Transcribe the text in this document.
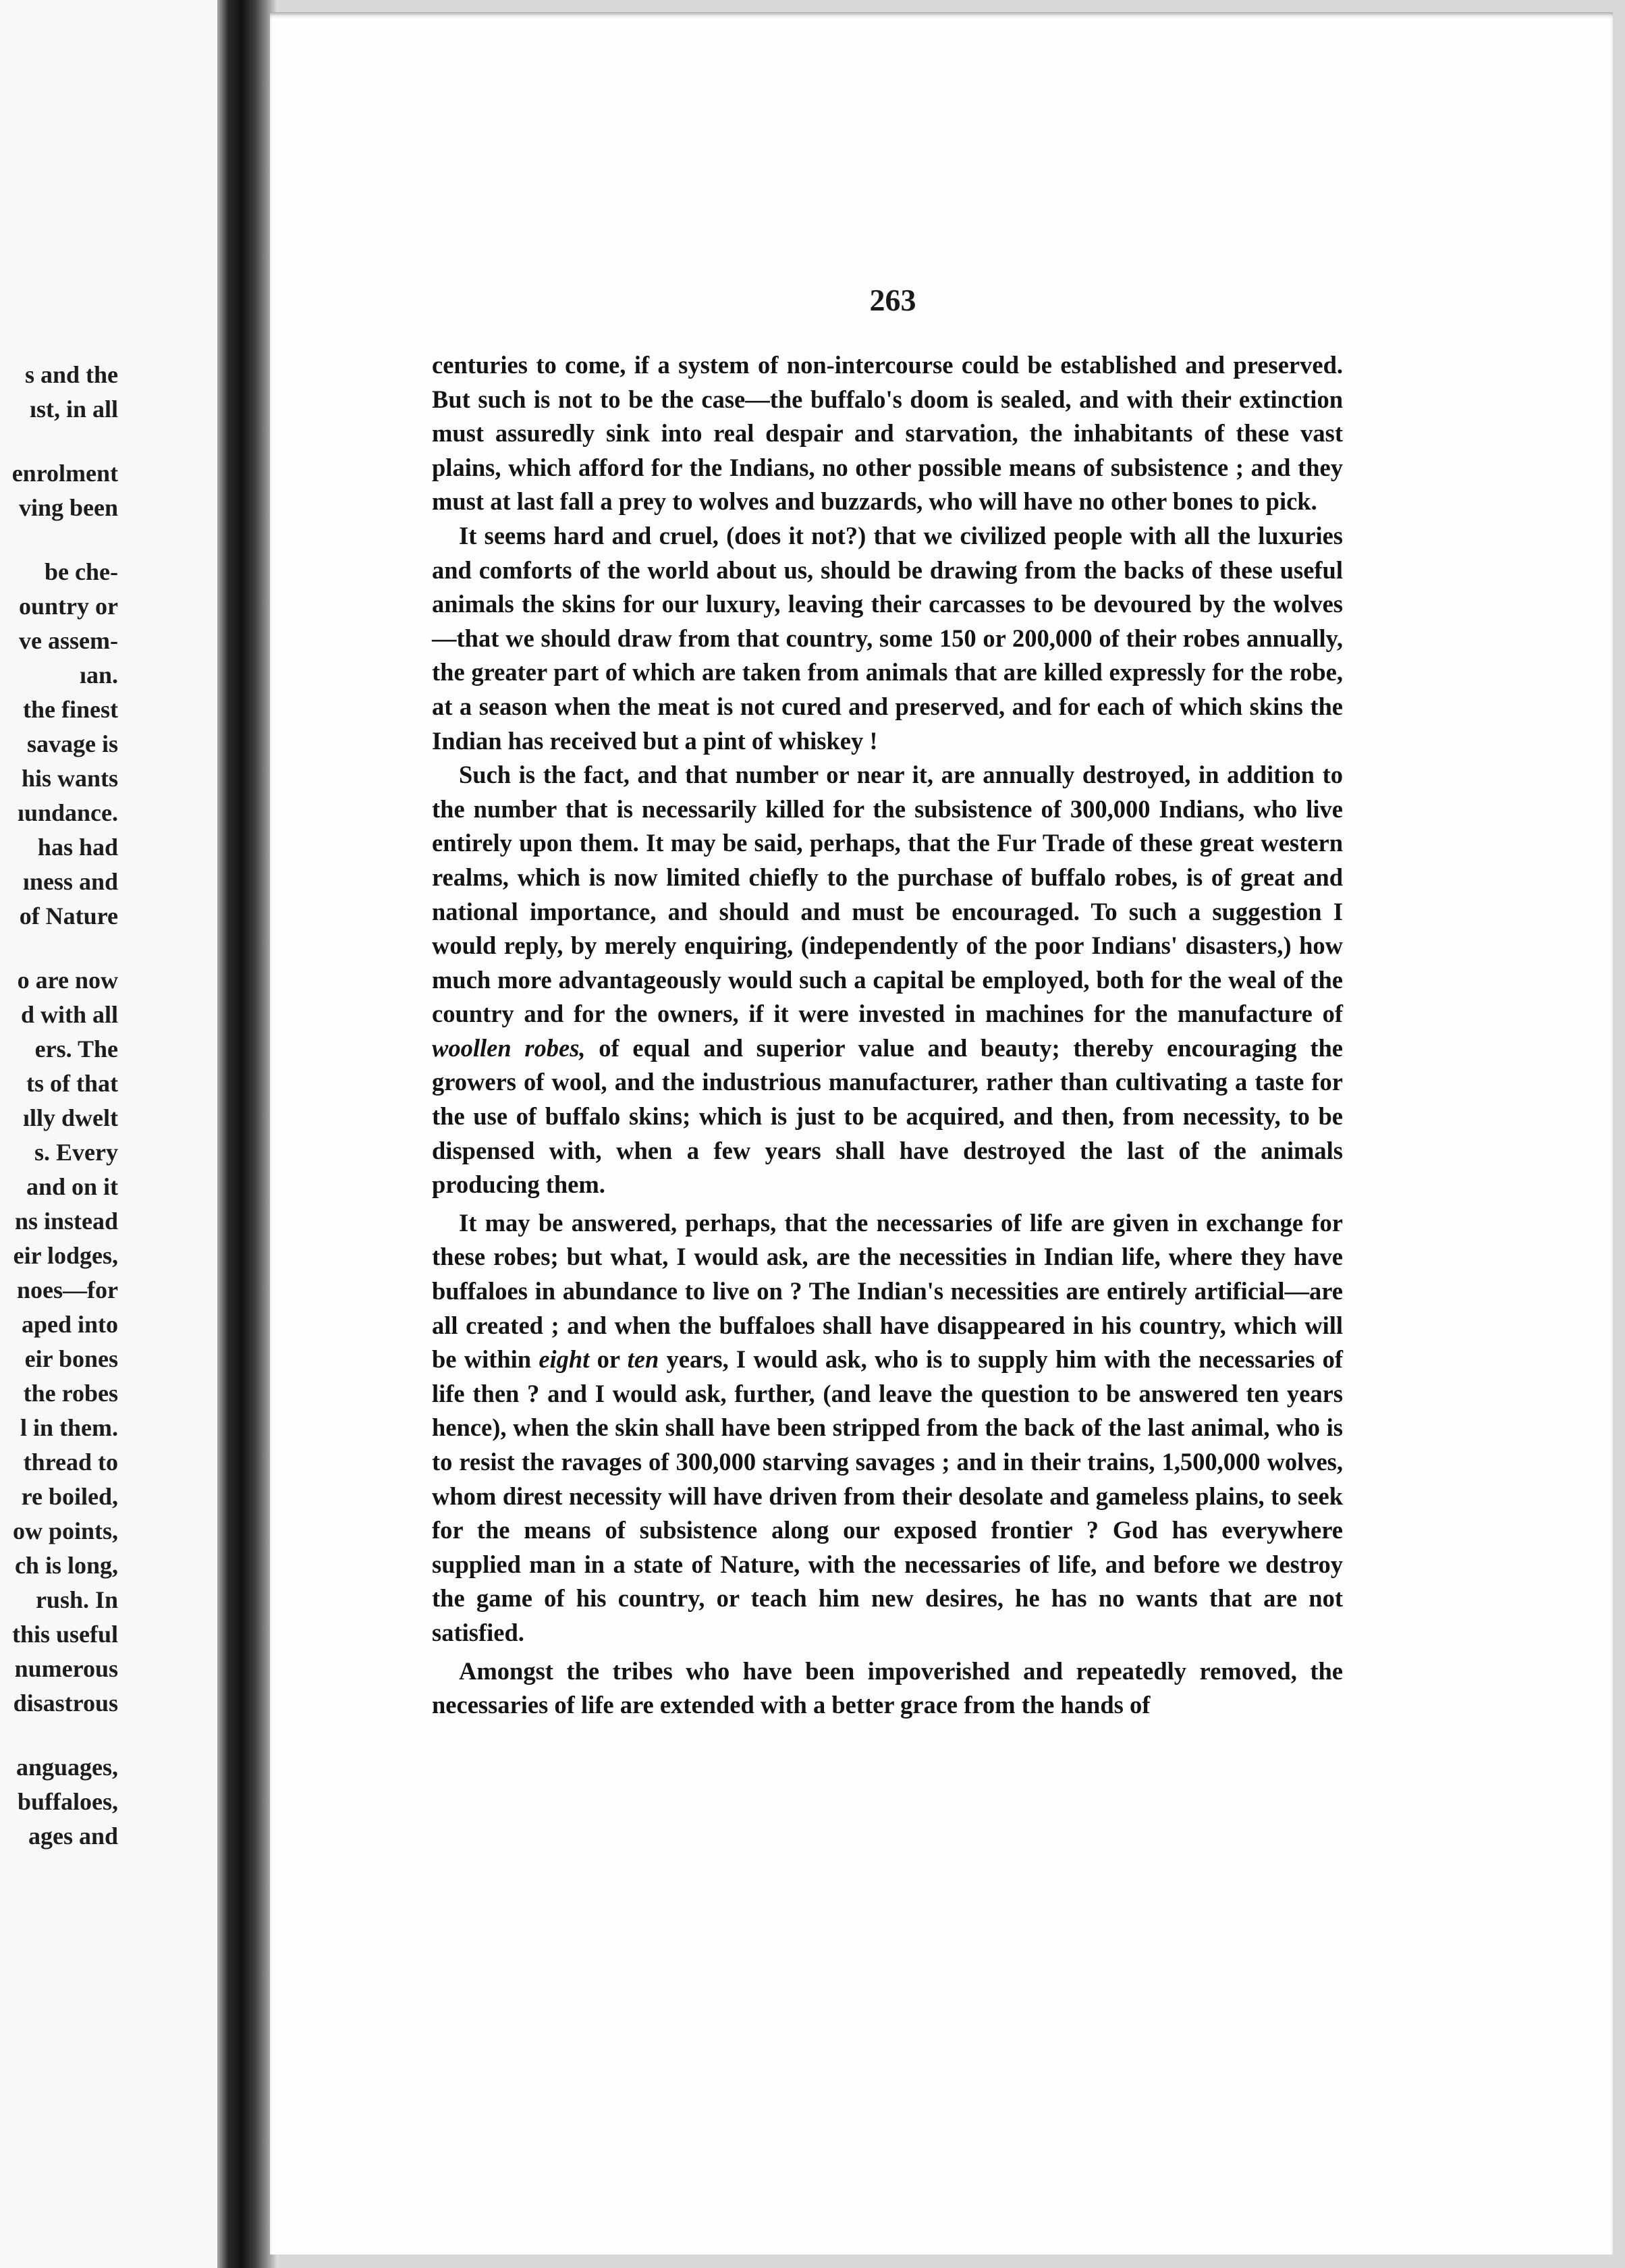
s and the
ıst, in all
enrolment
ving been
be che-
ountry or
ve assem-
ıan.
the finest
savage is
his wants
ıundance.
has had
ıness and
of Nature
o are now
d with all
ers. The
ts of that
ılly dwelt
s. Every
and on it
ns instead
eir lodges,
noes—for
aped into
eir bones
the robes
l in them.
thread to
re boiled,
ow points,
ch is long,
rush. In
this useful
numerous
disastrous
anguages,
buffaloes,
ages and
263

centuries to come, if a system of non-intercourse could be established and preserved. But such is not to be the case—the buffalo's doom is sealed, and with their extinction must assuredly sink into real despair and starvation, the inhabitants of these vast plains, which afford for the Indians, no other possible means of subsistence ; and they must at last fall a prey to wolves and buzzards, who will have no other bones to pick.

It seems hard and cruel, (does it not?) that we civilized people with all the luxuries and comforts of the world about us, should be drawing from the backs of these useful animals the skins for our luxury, leaving their carcasses to be devoured by the wolves—that we should draw from that country, some 150 or 200,000 of their robes annually, the greater part of which are taken from animals that are killed expressly for the robe, at a season when the meat is not cured and preserved, and for each of which skins the Indian has received but a pint of whiskey !

Such is the fact, and that number or near it, are annually destroyed, in addition to the number that is necessarily killed for the subsistence of 300,000 Indians, who live entirely upon them. It may be said, perhaps, that the Fur Trade of these great western realms, which is now limited chiefly to the purchase of buffalo robes, is of great and national importance, and should and must be encouraged. To such a suggestion I would reply, by merely enquiring, (independently of the poor Indians' disasters,) how much more advantageously would such a capital be employed, both for the weal of the country and for the owners, if it were invested in machines for the manufacture of woollen robes, of equal and superior value and beauty; thereby encouraging the growers of wool, and the industrious manufacturer, rather than cultivating a taste for the use of buffalo skins; which is just to be acquired, and then, from necessity, to be dispensed with, when a few years shall have destroyed the last of the animals producing them.

It may be answered, perhaps, that the necessaries of life are given in exchange for these robes; but what, I would ask, are the necessities in Indian life, where they have buffaloes in abundance to live on ? The Indian's necessities are entirely artificial—are all created ; and when the buffaloes shall have disappeared in his country, which will be within eight or ten years, I would ask, who is to supply him with the necessaries of life then ? and I would ask, further, (and leave the question to be answered ten years hence), when the skin shall have been stripped from the back of the last animal, who is to resist the ravages of 300,000 starving savages ; and in their trains, 1,500,000 wolves, whom direst necessity will have driven from their desolate and gameless plains, to seek for the means of subsistence along our exposed frontier ? God has everywhere supplied man in a state of Nature, with the necessaries of life, and before we destroy the game of his country, or teach him new desires, he has no wants that are not satisfied.

Amongst the tribes who have been impoverished and repeatedly removed, the necessaries of life are extended with a better grace from the hands of
